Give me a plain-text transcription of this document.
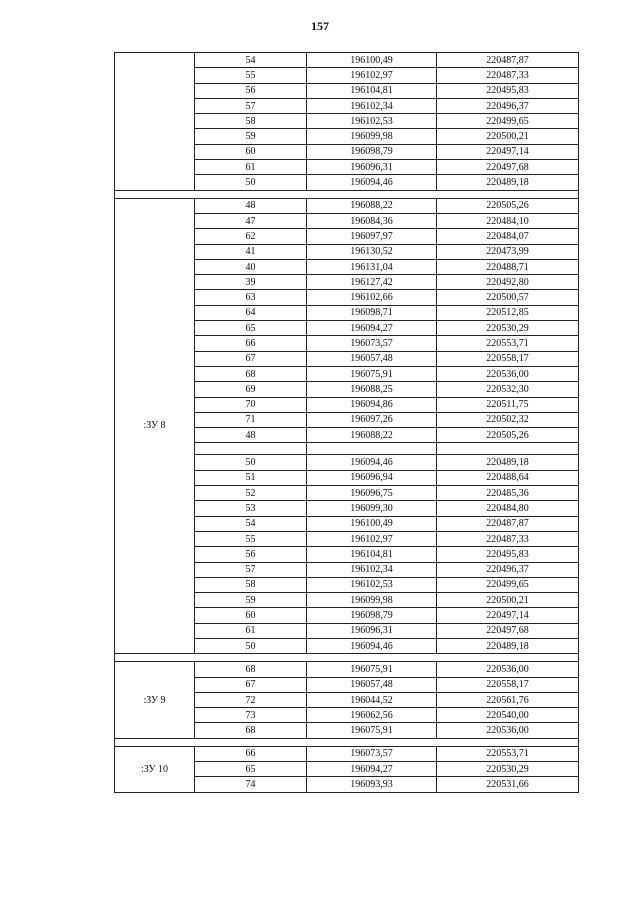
157
	54	196100,49	220487,87
	55	196102,97	220487,33
	56	196104,81	220495,83
	57	196102,34	220496,37
	58	196102,53	220499,65
	59	196099,98	220500,21
	60	196098,79	220497,14
	61	196096,31	220497,68
	50	196094,46	220489,18

:ЗУ 8	48	196088,22	220505,26
	47	196084,36	220484,10
	62	196097,97	220484,07
	41	196130,52	220473,99
	40	196131,04	220488,71
	39	196127,42	220492,80
	63	196102,66	220500,57
	64	196098,71	220512,85
	65	196094,27	220530,29
	66	196073,57	220553,71
	67	196057,48	220558,17
	68	196075,91	220536,00
	69	196088,25	220532,30
	70	196094,86	220511,75
	71	196097,26	220502,32
	48	196088,22	220505,26

	50	196094,46	220489,18
	51	196096,94	220488,64
	52	196096,75	220485,36
	53	196099,30	220484,80
	54	196100,49	220487,87
	55	196102,97	220487,33
	56	196104,81	220495,83
	57	196102,34	220496,37
	58	196102,53	220499,65
	59	196099,98	220500,21
	60	196098,79	220497,14
	61	196096,31	220497,68
	50	196094,46	220489,18

:ЗУ 9	68	196075,91	220536,00
	67	196057,48	220558,17
	72	196044,52	220561,76
	73	196062,56	220540,00
	68	196075,91	220536,00

:ЗУ 10	66	196073,57	220553,71
	65	196094,27	220530,29
	74	196093,93	220531,66
